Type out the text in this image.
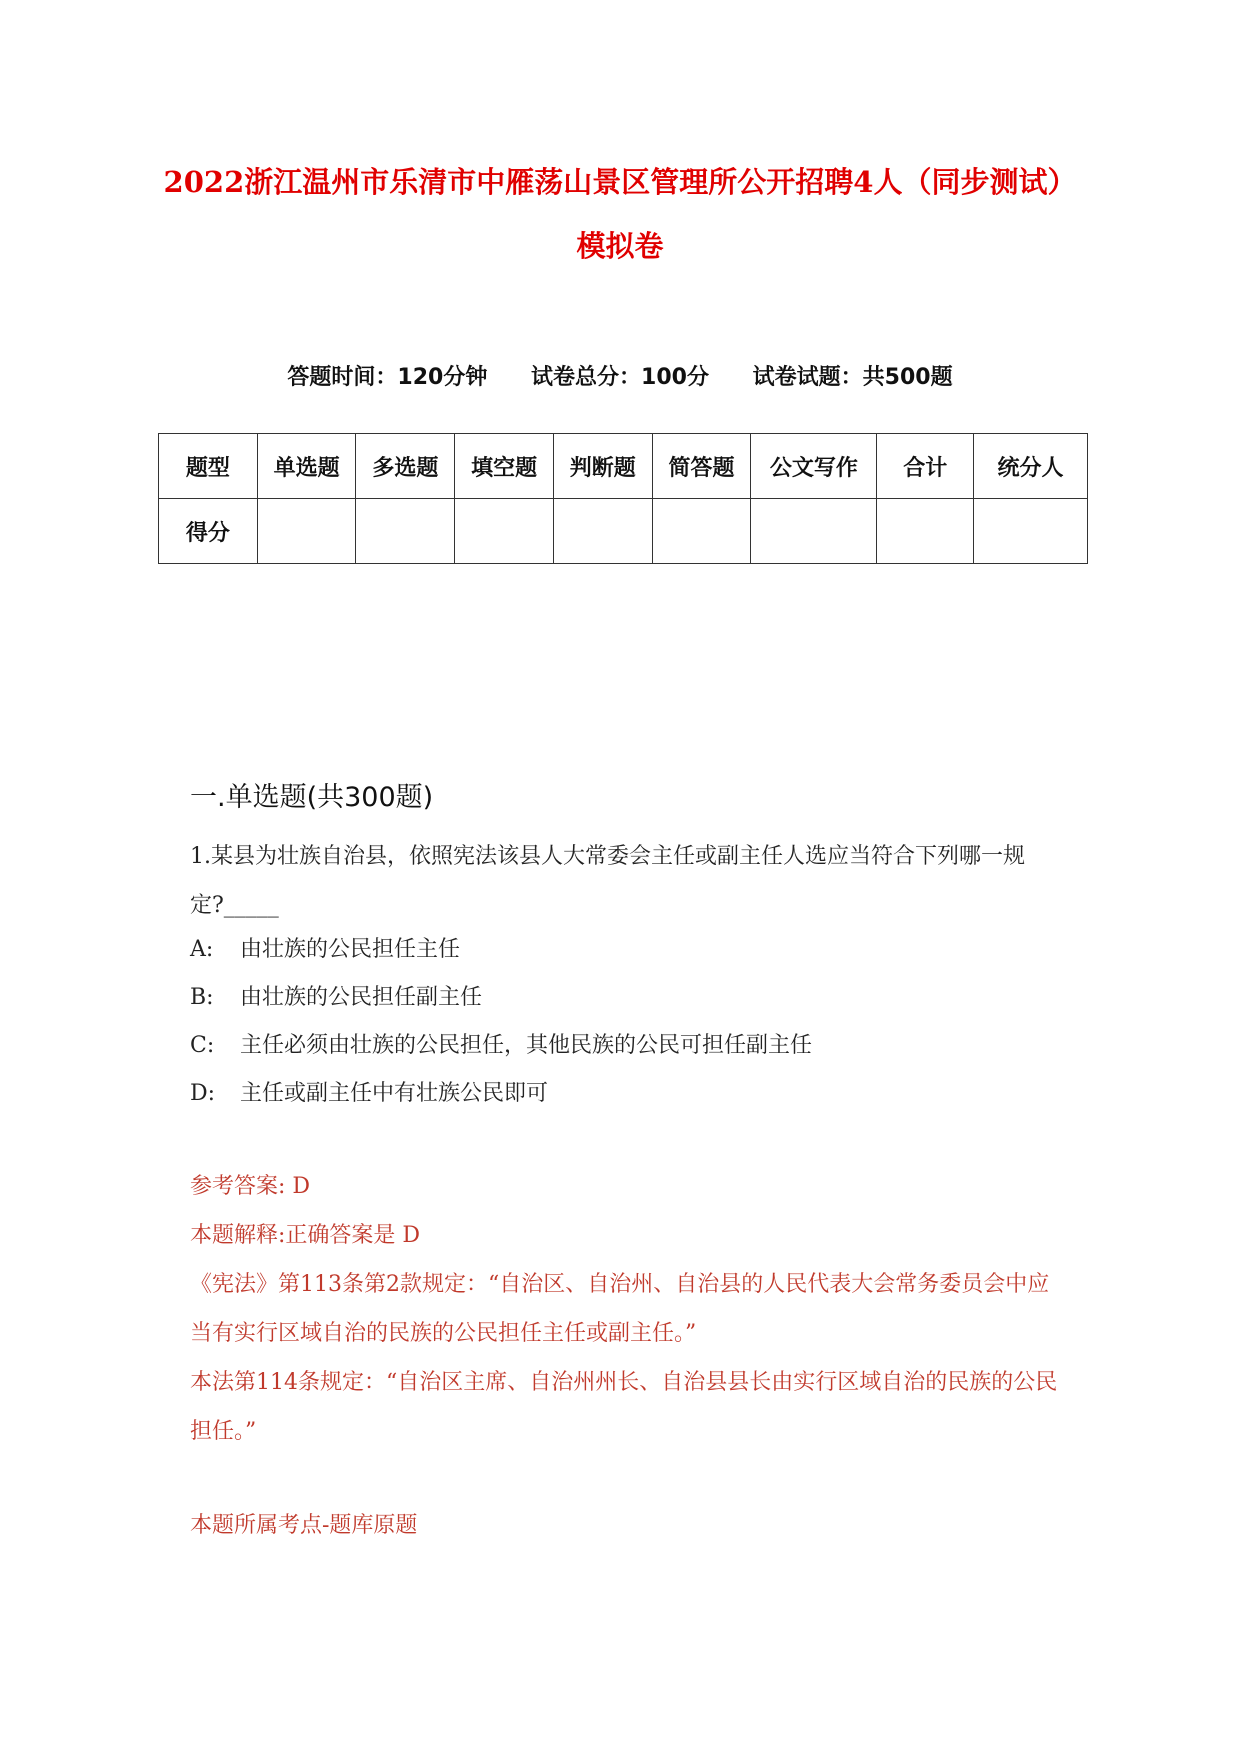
2022浙江温州市乐清市中雁荡山景区管理所公开招聘4人（同步测试）模拟卷
答题时间：120分钟 试卷总分：100分 试卷试题：共500题
题型	单选题	多选题	填空题	判断题	简答题	公文写作	合计	统分人
得分								
一.单选题(共300题)
1.某县为壮族自治县，依照宪法该县人大常委会主任或副主任人选应当符合下列哪一规定?_____
A: 由壮族的公民担任主任
B: 由壮族的公民担任副主任
C: 主任必须由壮族的公民担任，其他民族的公民可担任副主任
D: 主任或副主任中有壮族公民即可
参考答案: D
本题解释:正确答案是 D
《宪法》第113条第2款规定：“自治区、自治州、自治县的人民代表大会常务委员会中应当有实行区域自治的民族的公民担任主任或副主任。”
本法第114条规定：“自治区主席、自治州州长、自治县县长由实行区域自治的民族的公民担任。”
本题所属考点-题库原题
